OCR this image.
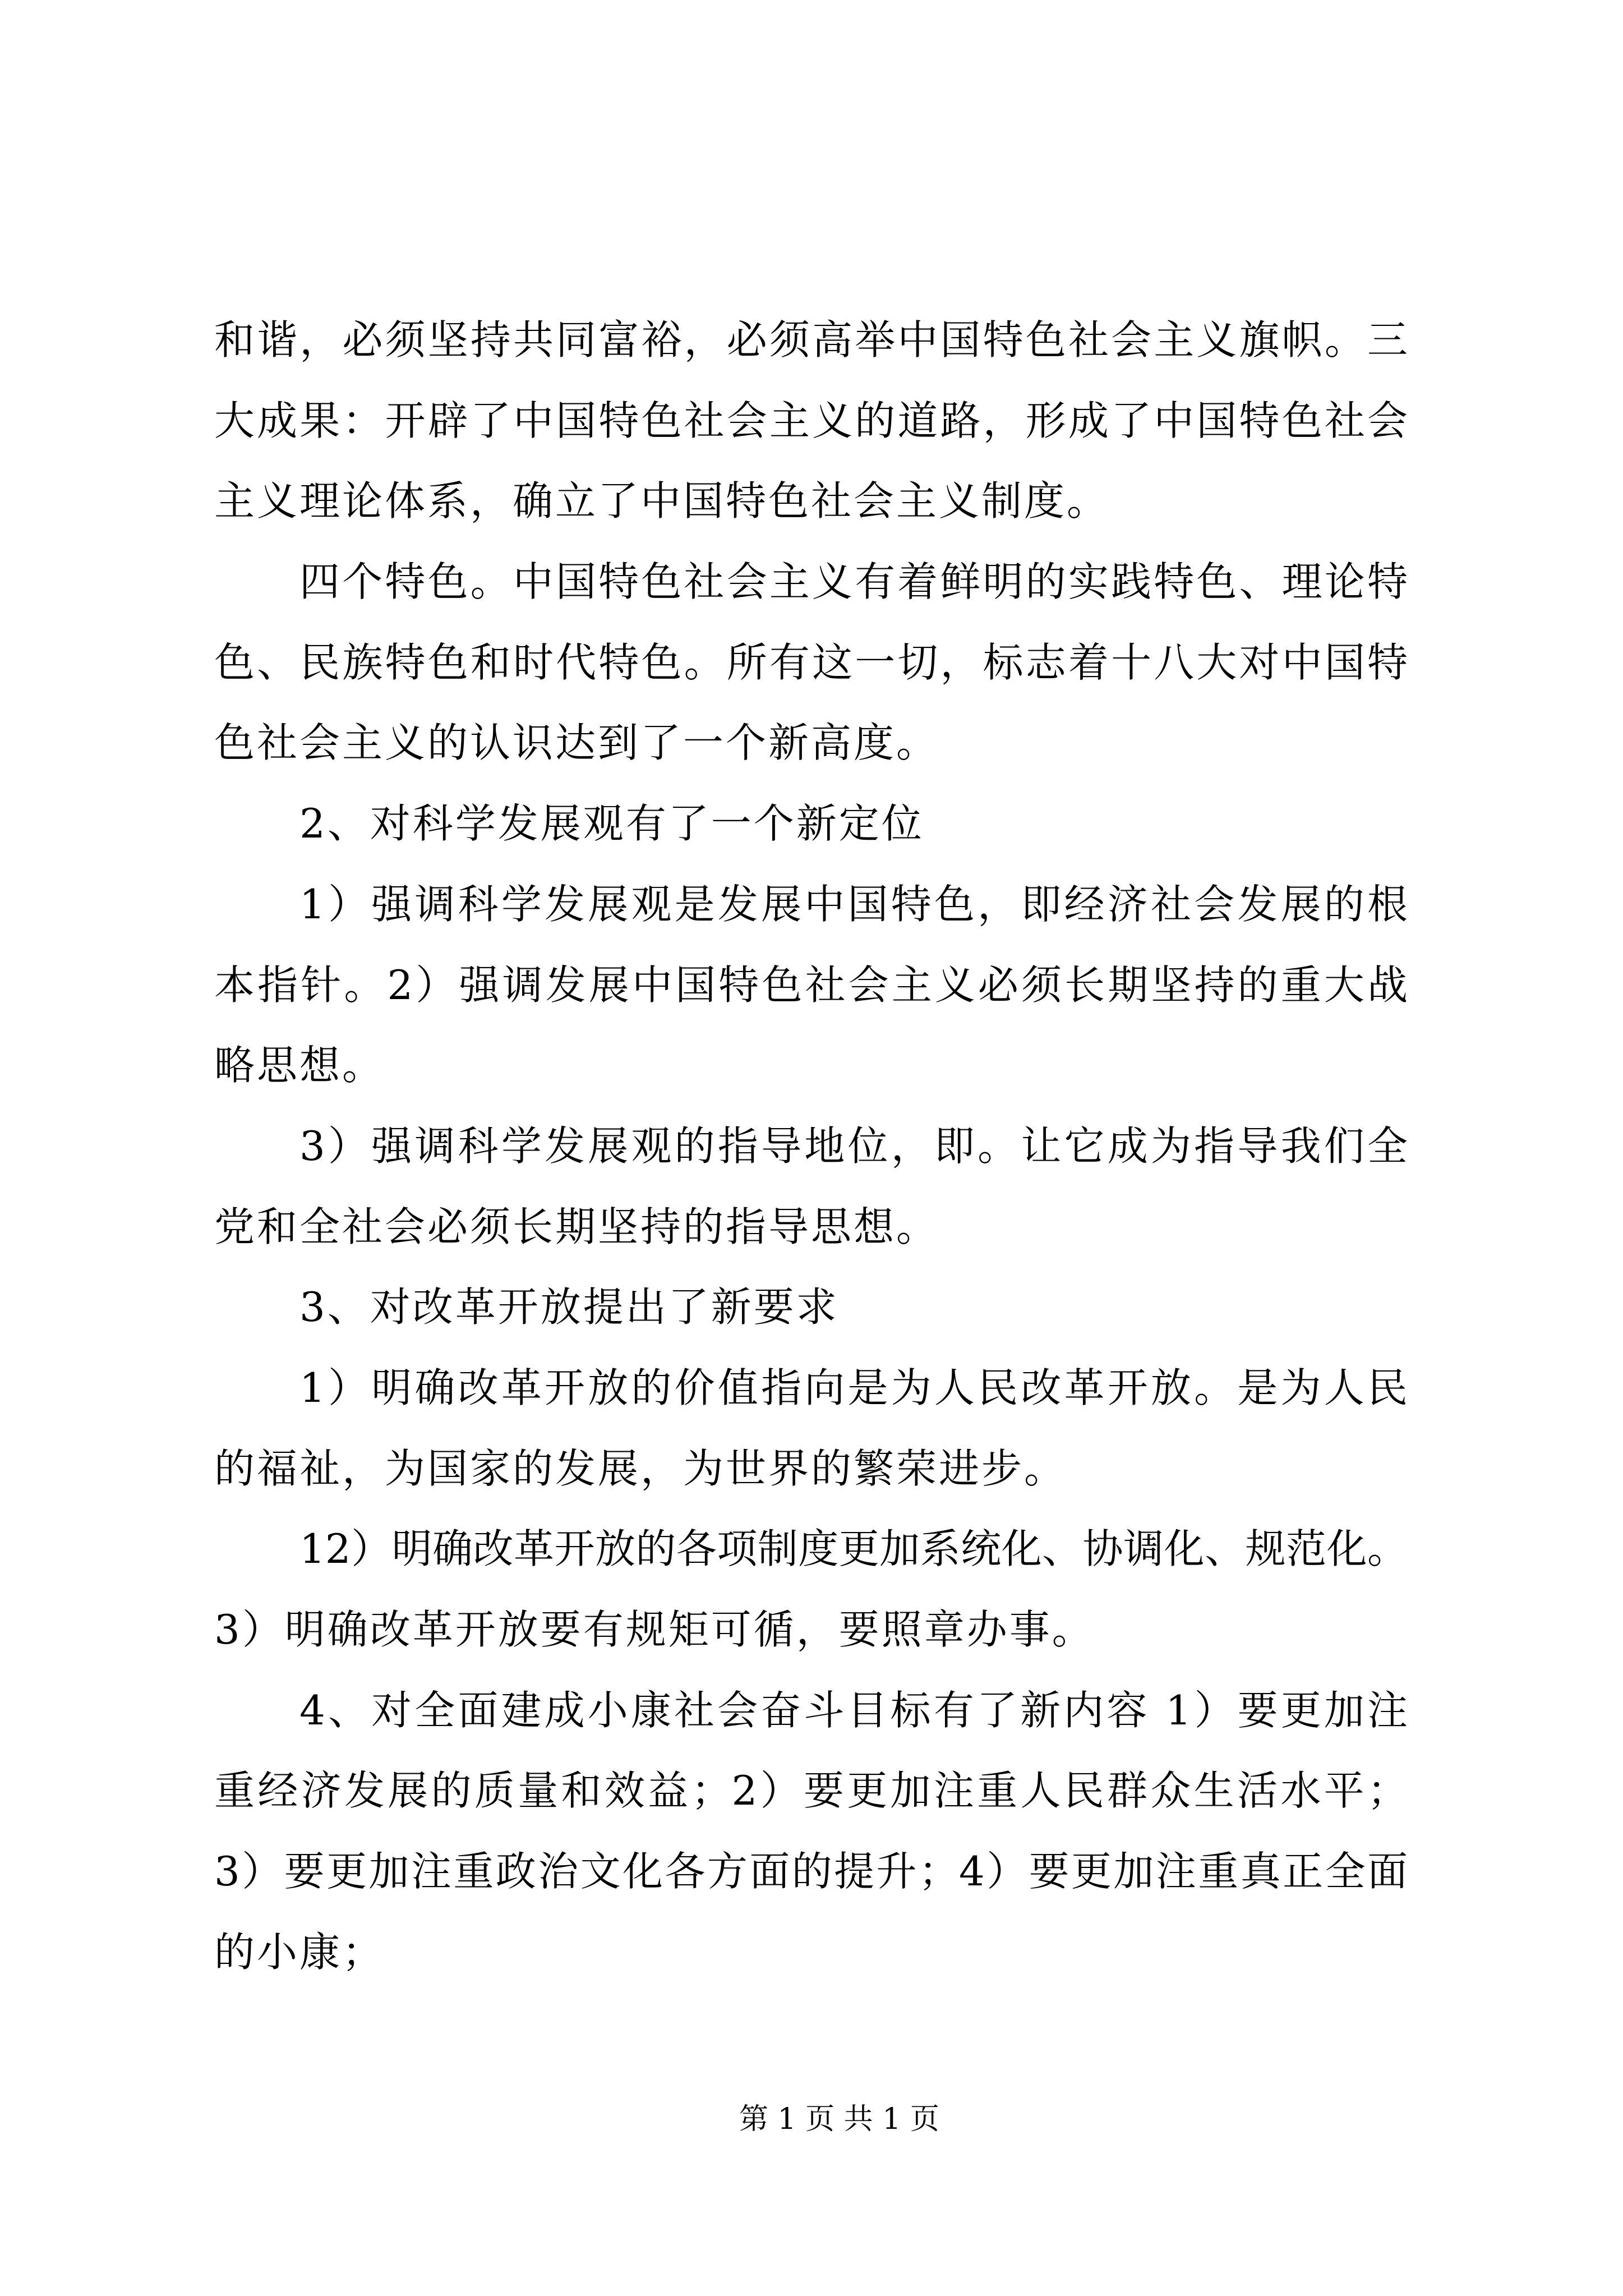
和谐，必须坚持共同富裕，必须高举中国特色社会主义旗帜。三
大成果：开辟了中国特色社会主义的道路，形成了中国特色社会
主义理论体系，确立了中国特色社会主义制度。
四个特色。中国特色社会主义有着鲜明的实践特色、理论特
色、民族特色和时代特色。所有这一切，标志着十八大对中国特
色社会主义的认识达到了一个新高度。
2、对科学发展观有了一个新定位
1）强调科学发展观是发展中国特色，即经济社会发展的根
本指针。2）强调发展中国特色社会主义必须长期坚持的重大战
略思想。
3）强调科学发展观的指导地位，即。让它成为指导我们全
党和全社会必须长期坚持的指导思想。
3、对改革开放提出了新要求
1）明确改革开放的价值指向是为人民改革开放。是为人民
的福祉，为国家的发展，为世界的繁荣进步。
12）明确改革开放的各项制度更加系统化、协调化、规范化。
3）明确改革开放要有规矩可循，要照章办事。
4、对全面建成小康社会奋斗目标有了新内容 1）要更加注
重经济发展的质量和效益；2）要更加注重人民群众生活水平；
3）要更加注重政治文化各方面的提升；4）要更加注重真正全面
的小康；
第 1 页 共 1 页
